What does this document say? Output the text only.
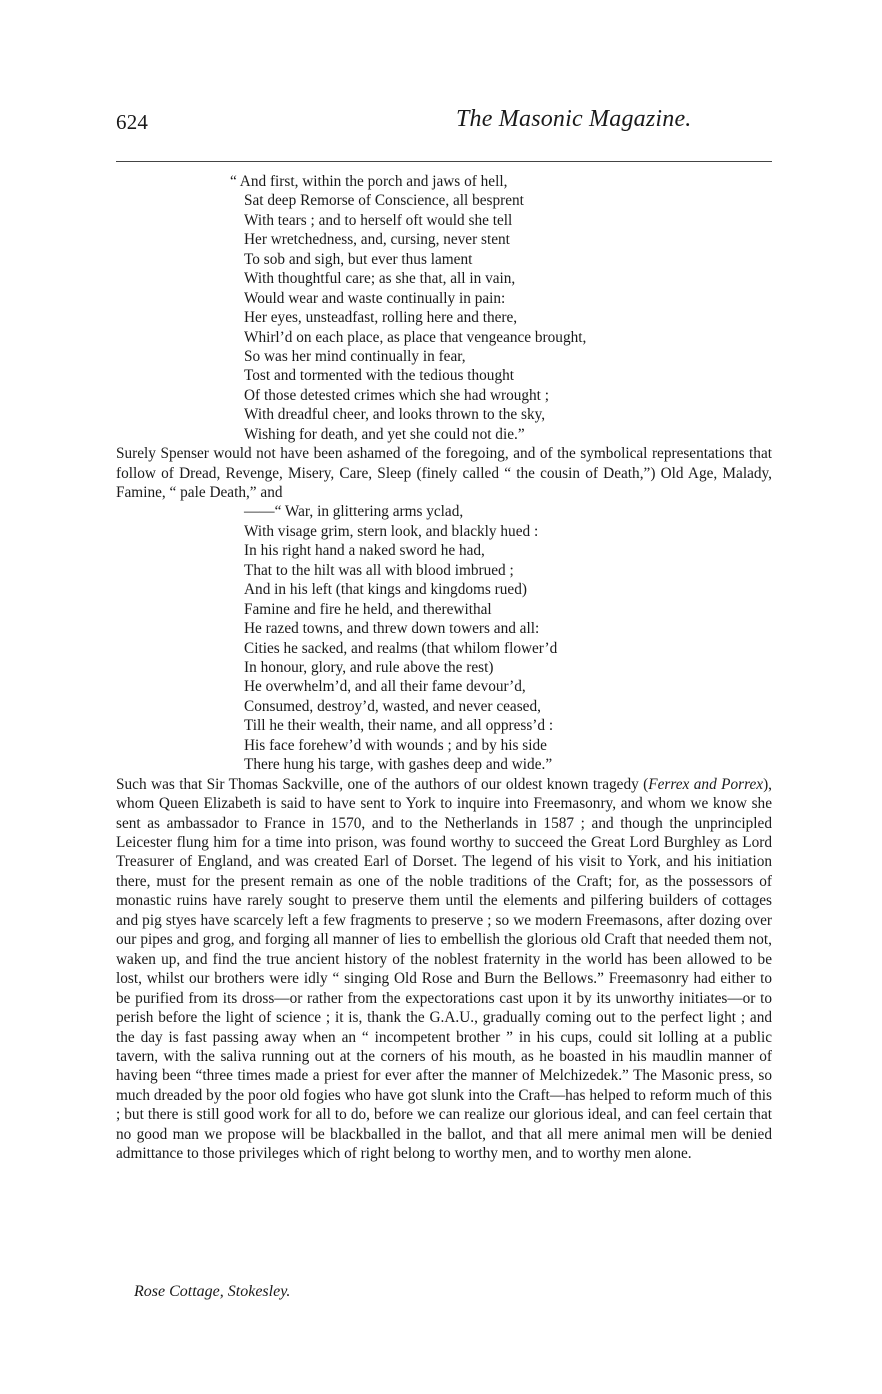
624	The Masonic Magazine.
“ And first, within the porch and jaws of hell,
Sat deep Remorse of Conscience, all besprent
With tears ; and to herself oft would she tell
Her wretchedness, and, cursing, never stent
To sob and sigh, but ever thus lament
With thoughtful care; as she that, all in vain,
Would wear and waste continually in pain:
Her eyes, unsteadfast, rolling here and there,
Whirl’d on each place, as place that vengeance brought,
So was her mind continually in fear,
Tost and tormented with the tedious thought
Of those detested crimes which she had wrought ;
With dreadful cheer, and looks thrown to the sky,
Wishing for death, and yet she could not die.”

Surely Spenser would not have been ashamed of the foregoing, and of the symbolical representations that follow of Dread, Revenge, Misery, Care, Sleep (finely called “ the cousin of Death,”) Old Age, Malady, Famine, “ pale Death,” and

——“ War, in glittering arms yclad,
With visage grim, stern look, and blackly hued :
In his right hand a naked sword he had,
That to the hilt was all with blood imbrued ;
And in his left (that kings and kingdoms rued)
Famine and fire he held, and therewithal
He razed towns, and threw down towers and all:
Cities he sacked, and realms (that whilom flower’d
In honour, glory, and rule above the rest)
He overwhelm’d, and all their fame devour’d,
Consumed, destroy’d, wasted, and never ceased,
Till he their wealth, their name, and all oppress’d :
His face forehew’d with wounds ; and by his side
There hung his targe, with gashes deep and wide.”

Such was that Sir Thomas Sackville, one of the authors of our oldest known tragedy (Ferrex and Porrex), whom Queen Elizabeth is said to have sent to York to inquire into Freemasonry, and whom we know she sent as ambassador to France in 1570, and to the Netherlands in 1587 ; and though the unprincipled Leicester flung him for a time into prison, was found worthy to succeed the Great Lord Burghley as Lord Treasurer of England, and was created Earl of Dorset. The legend of his visit to York, and his initiation there, must for the present remain as one of the noble traditions of the Craft; for, as the possessors of monastic ruins have rarely sought to preserve them until the elements and pilfering builders of cottages and pig styes have scarcely left a few fragments to preserve ; so we modern Freemasons, after dozing over our pipes and grog, and forging all manner of lies to embellish the glorious old Craft that needed them not, waken up, and find the true ancient history of the noblest fraternity in the world has been allowed to be lost, whilst our brothers were idly “ singing Old Rose and Burn the Bellows.” Freemasonry had either to be purified from its dross—or rather from the expectorations cast upon it by its unworthy initiates—or to perish before the light of science ; it is, thank the G.A.U., gradually coming out to the perfect light ; and the day is fast passing away when an “ incompetent brother ” in his cups, could sit lolling at a public tavern, with the saliva running out at the corners of his mouth, as he boasted in his maudlin manner of having been “three times made a priest for ever after the manner of Melchizedek.” The Masonic press, so much dreaded by the poor old fogies who have got slunk into the Craft—has helped to reform much of this ; but there is still good work for all to do, before we can realize our glorious ideal, and can feel certain that no good man we propose will be blackballed in the ballot, and that all mere animal men will be denied admittance to those privileges which of right belong to worthy men, and to worthy men alone.

Rose Cottage, Stokesley.
